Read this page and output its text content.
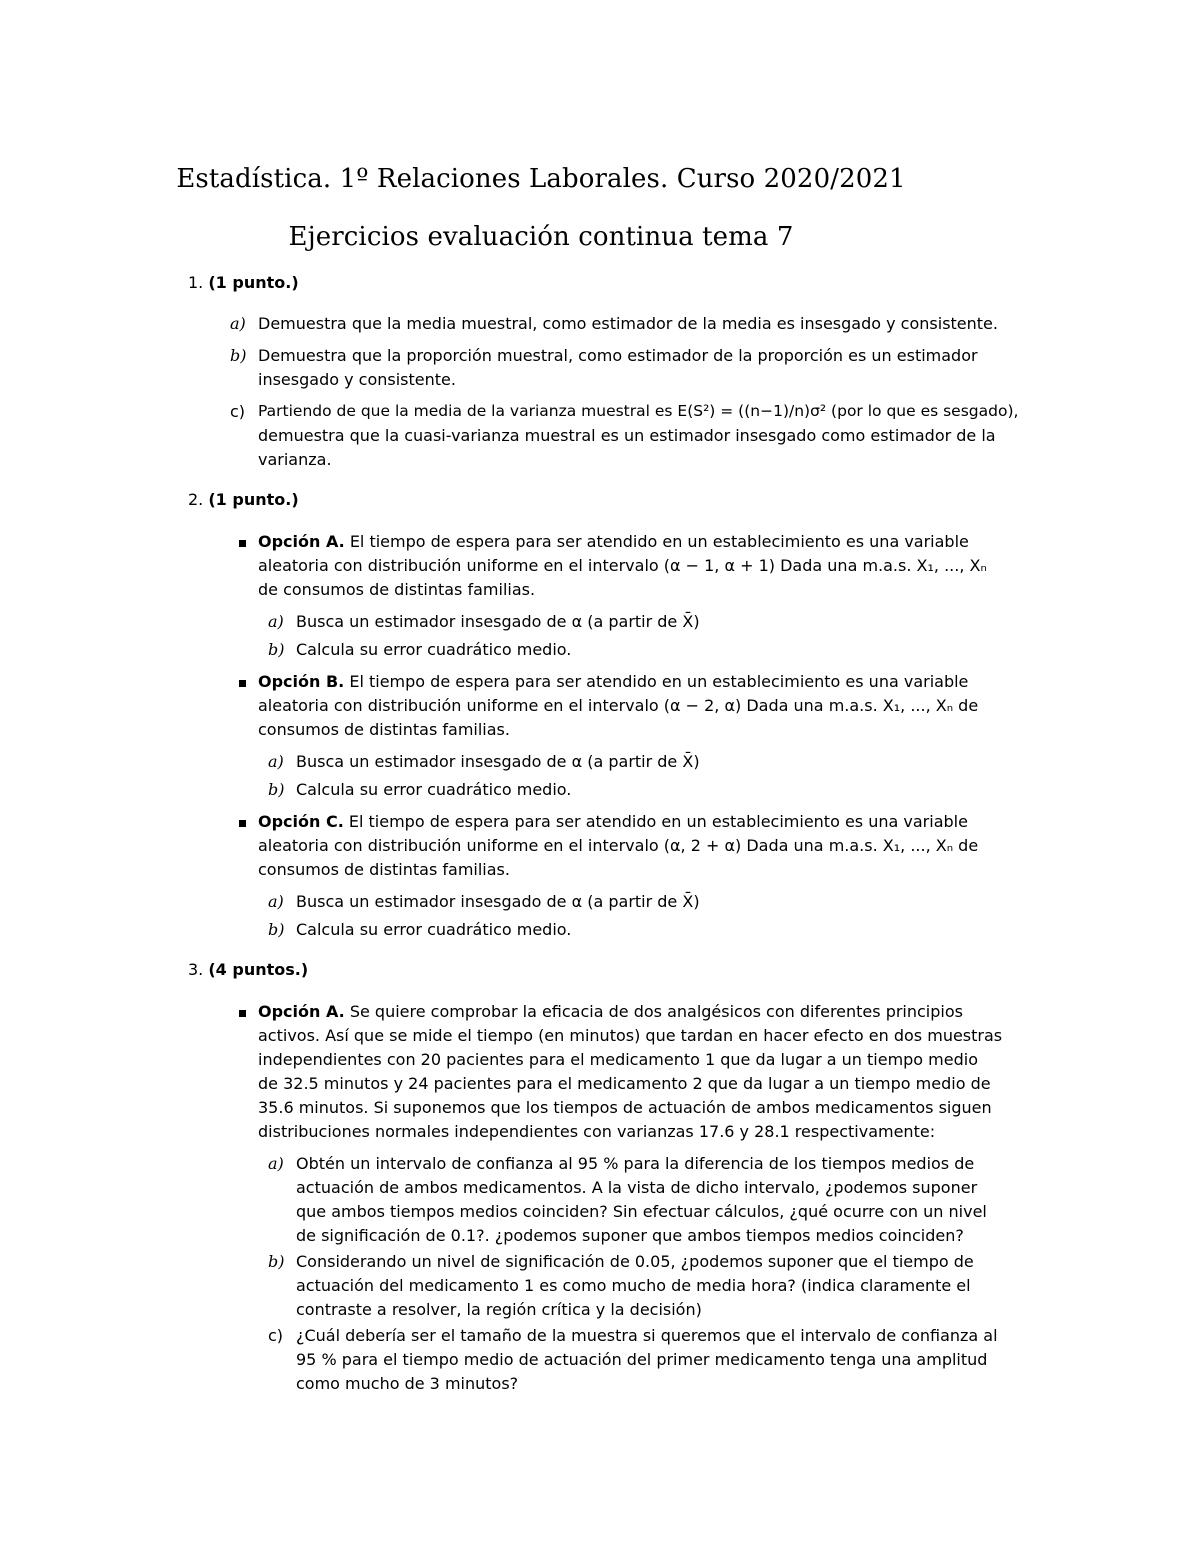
Estadística. 1º Relaciones Laborales. Curso 2020/2021
Ejercicios evaluación continua tema 7
1. (1 punto.)
a) Demuestra que la media muestral, como estimador de la media es insesgado y consistente.
b) Demuestra que la proporción muestral, como estimador de la proporción es un estimador
insesgado y consistente.
c) Partiendo de que la media de la varianza muestral es E(S²) = ((n−1)/n)σ² (por lo que es sesgado),
demuestra que la cuasi-varianza muestral es un estimador insesgado como estimador de la
varianza.
2. (1 punto.)
Opción A. El tiempo de espera para ser atendido en un establecimiento es una variable
aleatoria con distribución uniforme en el intervalo (α − 1, α + 1) Dada una m.a.s. X₁, ..., Xₙ
de consumos de distintas familias.
a) Busca un estimador insesgado de α (a partir de X̄)
b) Calcula su error cuadrático medio.
Opción B. El tiempo de espera para ser atendido en un establecimiento es una variable
aleatoria con distribución uniforme en el intervalo (α − 2, α) Dada una m.a.s. X₁, ..., Xₙ de
consumos de distintas familias.
a) Busca un estimador insesgado de α (a partir de X̄)
b) Calcula su error cuadrático medio.
Opción C. El tiempo de espera para ser atendido en un establecimiento es una variable
aleatoria con distribución uniforme en el intervalo (α, 2 + α) Dada una m.a.s. X₁, ..., Xₙ de
consumos de distintas familias.
a) Busca un estimador insesgado de α (a partir de X̄)
b) Calcula su error cuadrático medio.
3. (4 puntos.)
Opción A. Se quiere comprobar la eficacia de dos analgésicos con diferentes principios
activos. Así que se mide el tiempo (en minutos) que tardan en hacer efecto en dos muestras
independientes con 20 pacientes para el medicamento 1 que da lugar a un tiempo medio
de 32.5 minutos y 24 pacientes para el medicamento 2 que da lugar a un tiempo medio de
35.6 minutos. Si suponemos que los tiempos de actuación de ambos medicamentos siguen
distribuciones normales independientes con varianzas 17.6 y 28.1 respectivamente:
a) Obtén un intervalo de confianza al 95 % para la diferencia de los tiempos medios de
actuación de ambos medicamentos. A la vista de dicho intervalo, ¿podemos suponer
que ambos tiempos medios coinciden? Sin efectuar cálculos, ¿qué ocurre con un nivel
de significación de 0.1?. ¿podemos suponer que ambos tiempos medios coinciden?
b) Considerando un nivel de significación de 0.05, ¿podemos suponer que el tiempo de
actuación del medicamento 1 es como mucho de media hora? (indica claramente el
contraste a resolver, la región crítica y la decisión)
c) ¿Cuál debería ser el tamaño de la muestra si queremos que el intervalo de confianza al
95 % para el tiempo medio de actuación del primer medicamento tenga una amplitud
como mucho de 3 minutos?
